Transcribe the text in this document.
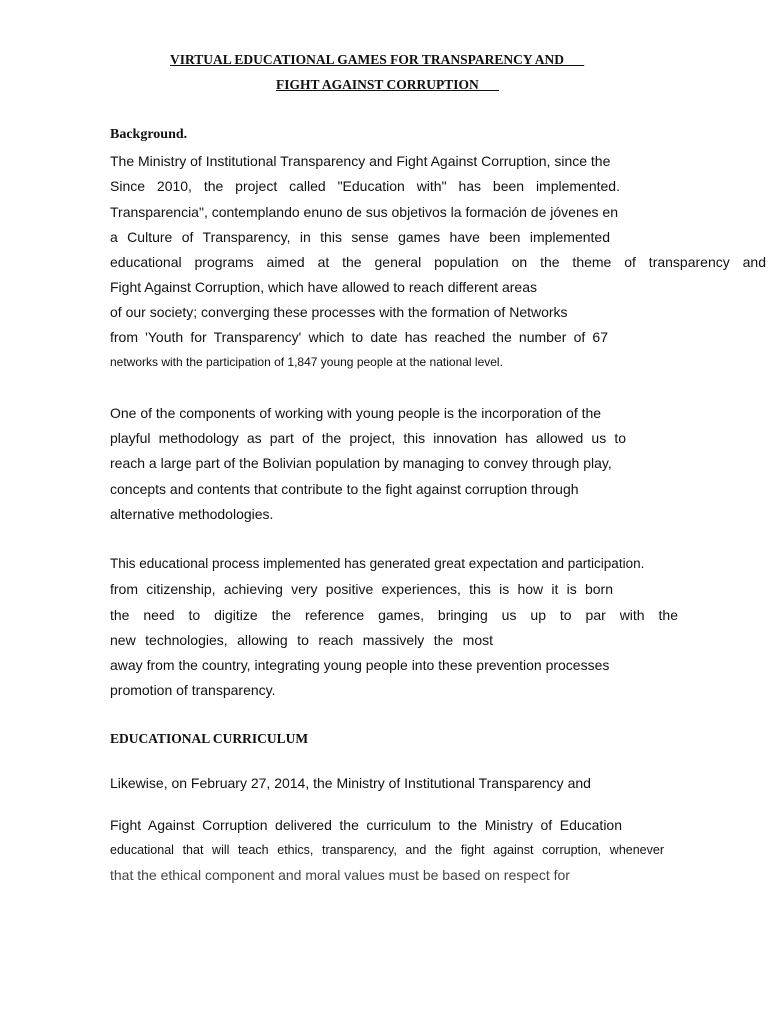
VIRTUAL EDUCATIONAL GAMES FOR TRANSPARENCY AND
FIGHT AGAINST CORRUPTION
Background.
The Ministry of Institutional Transparency and Fight Against Corruption, since the
Since 2010, the project called "Education with" has been implemented.
Transparencia", contemplando enuno de sus objetivos la formación de jóvenes en
a Culture of Transparency, in this sense games have been implemented
educational programs aimed at the general population on the theme of transparency and
Fight Against Corruption, which have allowed to reach different areas
of our society; converging these processes with the formation of Networks
from 'Youth for Transparency' which to date has reached the number of 67
networks with the participation of 1,847 young people at the national level.
One of the components of working with young people is the incorporation of the
playful methodology as part of the project, this innovation has allowed us to
reach a large part of the Bolivian population by managing to convey through play,
concepts and contents that contribute to the fight against corruption through
alternative methodologies.
This educational process implemented has generated great expectation and participation.
from citizenship, achieving very positive experiences, this is how it is born
the need to digitize the reference games, bringing us up to par with the
new technologies, allowing to reach massively the most
away from the country, integrating young people into these prevention processes
promotion of transparency.
EDUCATIONAL CURRICULUM
Likewise, on February 27, 2014, the Ministry of Institutional Transparency and
Fight Against Corruption delivered the curriculum to the Ministry of Education
educational that will teach ethics, transparency, and the fight against corruption, whenever
that the ethical component and moral values must be based on respect for
